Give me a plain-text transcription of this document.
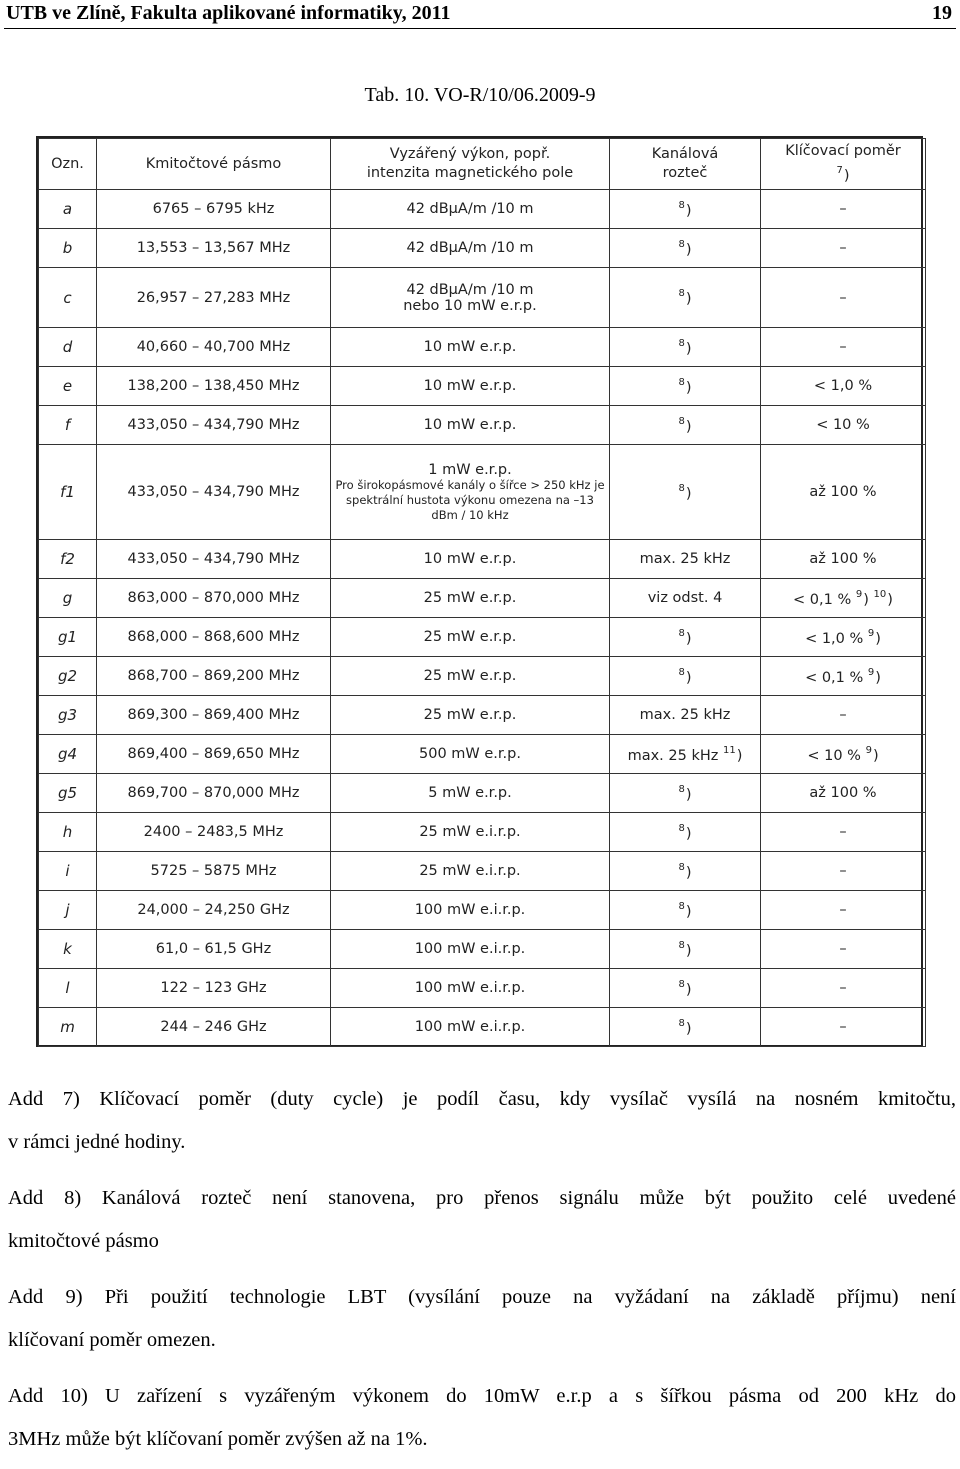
UTB ve Zlíně, Fakulta aplikované informatiky, 2011	19
Tab. 10. VO-R/10/06.2009-9
Ozn.	Kmitočtové pásmo	Vyzářený výkon, popř.
intenzita magnetického pole	Kanálová
rozteč	Klíčovací poměr
$^7$)
a	6765 – 6795 kHz	42 dBμA/m /10 m	$^8$)	–
b	13,553 – 13,567 MHz	42 dBμA/m /10 m	$^8$)	–
c	26,957 – 27,283 MHz	42 dBμA/m /10 m
nebo 10 mW e.r.p.	$^8$)	–
d	40,660 – 40,700 MHz	10 mW e.r.p.	$^8$)	–
e	138,200 – 138,450 MHz	10 mW e.r.p.	$^8$)	< 1,0 %
f	433,050 – 434,790 MHz	10 mW e.r.p.	$^8$)	< 10 %
f1	433,050 – 434,790 MHz	1 mW e.r.p.
Pro širokopásmové kanály o šířce > 250 kHz je spektrální hustota výkonu omezena na –13 dBm / 10 kHz	$^8$)	až 100 %
f2	433,050 – 434,790 MHz	10 mW e.r.p.	max. 25 kHz	až 100 %
g	863,000 – 870,000 MHz	25 mW e.r.p.	viz odst. 4	< 0,1 % $^9$) $^{10}$)
g1	868,000 – 868,600 MHz	25 mW e.r.p.	$^8$)	< 1,0 % $^9$)
g2	868,700 – 869,200 MHz	25 mW e.r.p.	$^8$)	< 0,1 % $^9$)
g3	869,300 – 869,400 MHz	25 mW e.r.p.	max. 25 kHz	–
g4	869,400 – 869,650 MHz	500 mW e.r.p.	max. 25 kHz $^{11}$)	< 10 % $^9$)
g5	869,700 – 870,000 MHz	5 mW e.r.p.	$^8$)	až 100 %
h	2400 – 2483,5 MHz	25 mW e.i.r.p.	$^8$)	–
i	5725 – 5875 MHz	25 mW e.i.r.p.	$^8$)	–
j	24,000 – 24,250 GHz	100 mW e.i.r.p.	$^8$)	–
k	61,0 – 61,5 GHz	100 mW e.i.r.p.	$^8$)	–
l	122 – 123 GHz	100 mW e.i.r.p.	$^8$)	–
m	244 – 246 GHz	100 mW e.i.r.p.	$^8$)	–

Add 7) Klíčovací poměr (duty cycle) je podíl času, kdy vysílač vysílá na nosném kmitočtu,

v rámci jedné hodiny.

Add 8) Kanálová rozteč není stanovena, pro přenos signálu může být použito celé uvedené

kmitočtové pásmo

Add 9) Při použití technologie LBT (vysílání pouze na vyžádaní na základě příjmu) není

klíčovaní poměr omezen.

Add 10) U zařízení s vyzářeným výkonem do 10mW e.r.p a s šířkou pásma od 200 kHz do

3MHz může být klíčovaní poměr zvýšen až na 1%.
